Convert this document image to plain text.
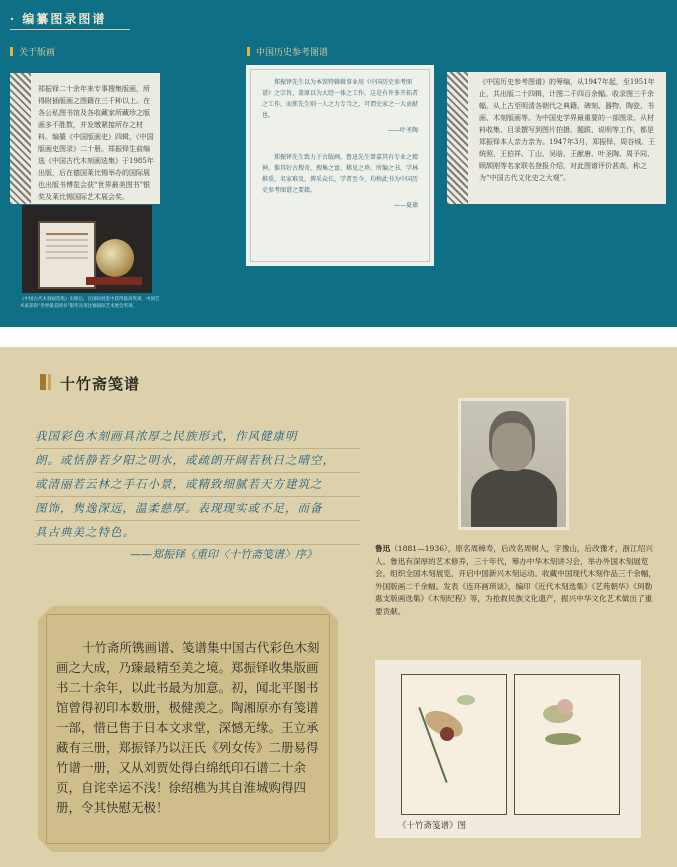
· 编纂图录图谱
关于版画	中国历史参考图谱
郑振铎二十余年来专事搜集版画，所得附插版画之图籍在三千种以上。在各公私图书馆及各收藏家所藏珍之版画多不胜数，并发缴紧接所存之材料。编纂《中国版画史》四辑，《中国版画史图录》二十册。郑振铎生前编选《中国古代木刻画选集》于1985年出版，后在德国莱比锡举办的国际展也出版书博览会获“世界最美图书”银奖及莱比锡国际艺术展会奖。

郑振铎先生以为本馆特辑辑事业用《中国历史参考图谱》之宗旨，盖原以为大经一体之工作，这是有许多开拓者之工作，而郑先生则一人之力专当之，可谓史家之一大贡献也。

——叶圣陶

郑振铎先生致力于古版画，鲁迅先生曾嘉其有专业之精神，惟其好古搜奇，搜集之富，稀见之珍，所编之书，学林推重，名家难及，博采众长，学者至今，均称此书为中国历史参考图谱之要籍。

——夏鼐

《中国历史参考图谱》的筹编，从1947年起，至1951年止，共出版二十四辑，计图二千四百余幅。收录图三千余幅，从上古至明清各朝代之典籍、碑刻、器物、陶瓷、书画、木刻版画等。为中国史学界最重要的一部图录。从材料收集、目录撰写到图片拍摄、题跋、说明等工作，都是郑振铎本人亲力亲为。1947年3月，郑振铎、周谷城、王统照、王伯祥、丁山、吴晗、王献唐、叶圣陶、周予同、顾颉刚等名家联名登报介绍，对此图谱评价甚高，称之为“中国古代文化史之大观”。
《中国古代木刻画选集》出版后，在国际展览中获得最高奖项，中国艺术家获得“世界最美图书”银奖及莱比锡国际艺术展会奖项。
十竹斋笺谱

我国彩色木刻画具浓厚之民族形式，作风健康明

朗。或恬静若夕阳之明水，或疏朗开阔若秋日之晴空，

或清丽若云林之手石小景，或精致细腻若天方建筑之

图饰，隽逸深远，温柔慈厚。表现现实或不足，而备

具古典美之特色。

——郑振铎《重印〈十竹斋笺谱〉序》	鲁迅（1881—1936），原名周樟寿，后改名周树人，字豫山，后改豫才，浙江绍兴人。鲁迅有深厚的艺术修养，三十年代，筹办中华木刻讲习会，举办外国木刻展览会，组织全国木刻展览，开启中国新兴木刻运动。收藏中国现代木刻作品三千余幅，外国版画二千余幅。发表《连环画琐谈》，编印《近代木刻选集》《艺苑朝华》《珂勒惠支版画选集》《木刻纪程》等，为抢救民族文化遗产，振兴中华文化艺术做出了重要贡献。

十竹斋所镌画谱、笺谱集中国古代彩色木刻画之大成，乃臻最精至美之境。郑振铎收集版画书二十余年，以此书最为加意。初，闻北平图书馆曾得初印本数册，极健羡之。陶湘原亦有笺谱一部，惜已售于日本文求堂，深憾无缘。王立承藏有三册，郑振铎乃以汪氏《列女传》二册易得竹谱一册，又从刘贾处得白绵纸印石谱二十余页，自诧幸运不浅！徐绍樵为其自淮城购得四册，令其快慰无极！

《十竹斋笺谱》图
